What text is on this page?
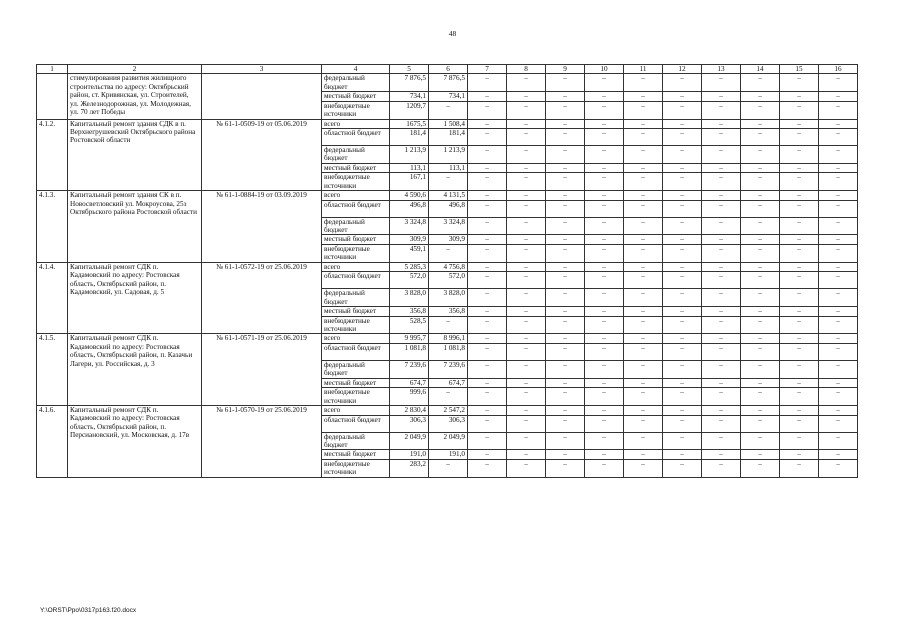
48
1	2	3	4	5	6	7	8	9	10	11	12	13	14	15	16
	стимулирования развития жилищного строительства по адресу: Октябрьский район, ст. Кривянская, ул. Строителей, ул. Железнодорожная, ул. Молодежная, ул. 70 лет Победы		федеральный бюджет	7 876,5	7 876,5	–	–	–	–	–	–	–	–	–	–
			местный бюджет	734,1	734,1	–	–	–	–	–	–	–	–	–	–
			внебюджетные источники	1209,7	–	–	–	–	–	–	–	–	–	–	–
4.1.2.	Капитальный ремонт здания СДК в п. Верхнегрушевский Октябрьского района Ростовской области	№ 61-1-0509-19 от 05.06.2019	всего	1675,5	1 508,4	–	–	–	–	–	–	–	–	–	–
			областной бюджет	181,4	181,4	–	–	–	–	–	–	–	–	–	–
			федеральный бюджет	1 213,9	1 213,9	–	–	–	–	–	–	–	–	–	–
			местный бюджет	113,1	113,1	–	–	–	–	–	–	–	–	–	–
			внебюджетные источники	167,1	–	–	–	–	–	–	–	–	–	–	–
4.1.3.	Капитальный ремонт здания СК в п. Новосветловский ул. Мокроусова, 25з Октябрьского района Ростовской области	№ 61-1-0884-19 от 03.09.2019	всего	4 590,6	4 131,5	–	–	–	–	–	–	–	–	–	–
			областной бюджет	496,8	496,8	–	–	–	–	–	–	–	–	–	–
			федеральный бюджет	3 324,8	3 324,8	–	–	–	–	–	–	–	–	–	–
			местный бюджет	309,9	309,9	–	–	–	–	–	–	–	–	–	–
			внебюджетные источники	459,1	–	–	–	–	–	–	–	–	–	–	–
4.1.4.	Капитальный ремонт СДК п. Кадамовский по адресу: Ростовская область, Октябрьский район, п. Кадамовский, ул. Садовая, д. 5	№ 61-1-0572-19 от 25.06.2019	всего	5 285,3	4 756,8	–	–	–	–	–	–	–	–	–	–
			областной бюджет	572,0	572,0	–	–	–	–	–	–	–	–	–	–
			федеральный бюджет	3 828,0	3 828,0	–	–	–	–	–	–	–	–	–	–
			местный бюджет	356,8	356,8	–	–	–	–	–	–	–	–	–	–
			внебюджетные источники	528,5	–	–	–	–	–	–	–	–	–	–	–
4.1.5.	Капитальный ремонт СДК п. Кадамовский по адресу: Ростовская область, Октябрьский район, п. Казачьи Лагери, ул. Российская, д. 3	№ 61-1-0571-19 от 25.06.2019	всего	9 995,7	8 996,1	–	–	–	–	–	–	–	–	–	–
			областной бюджет	1 081,8	1 081,8	–	–	–	–	–	–	–	–	–	–
			федеральный бюджет	7 239,6	7 239,6	–	–	–	–	–	–	–	–	–	–
			местный бюджет	674,7	674,7	–	–	–	–	–	–	–	–	–	–
			внебюджетные источники	999,6	–	–	–	–	–	–	–	–	–	–	–
4.1.6.	Капитальный ремонт СДК п. Кадамовский по адресу: Ростовская область, Октябрьский район, п. Персиановский, ул. Московская, д. 17в	№ 61-1-0570-19 от 25.06.2019	всего	2 830,4	2 547,2	–	–	–	–	–	–	–	–	–	–
			областной бюджет	306,3	306,3	–	–	–	–	–	–	–	–	–	–
			федеральный бюджет	2 049,9	2 049,9	–	–	–	–	–	–	–	–	–	–
			местный бюджет	191,0	191,0	–	–	–	–	–	–	–	–	–	–
			внебюджетные источники	283,2	–	–	–	–	–	–	–	–	–	–	–
Y:\ORST\Ppo\0317p163.f20.docx
